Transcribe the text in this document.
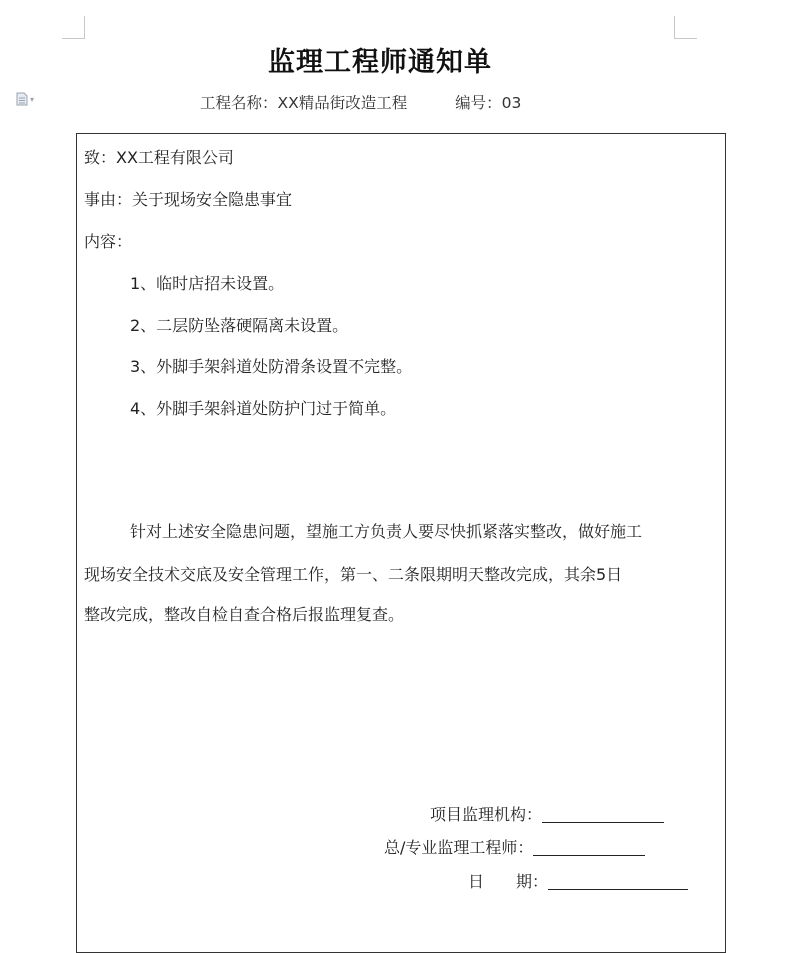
▾
监理工程师通知单
工程名称：XX精品街改造工程	编号：03
致：XX工程有限公司
事由：关于现场安全隐患事宜
内容：
1、临时店招未设置。
2、二层防坠落硬隔离未设置。
3、外脚手架斜道处防滑条设置不完整。
4、外脚手架斜道处防护门过于简单。
针对上述安全隐患问题，望施工方负责人要尽快抓紧落实整改，做好施工
现场安全技术交底及安全管理工作，第一、二条限期明天整改完成，其余5日
整改完成，整改自检自查合格后报监理复查。
项目监理机构：
总/专业监理工程师：
日　　期：
